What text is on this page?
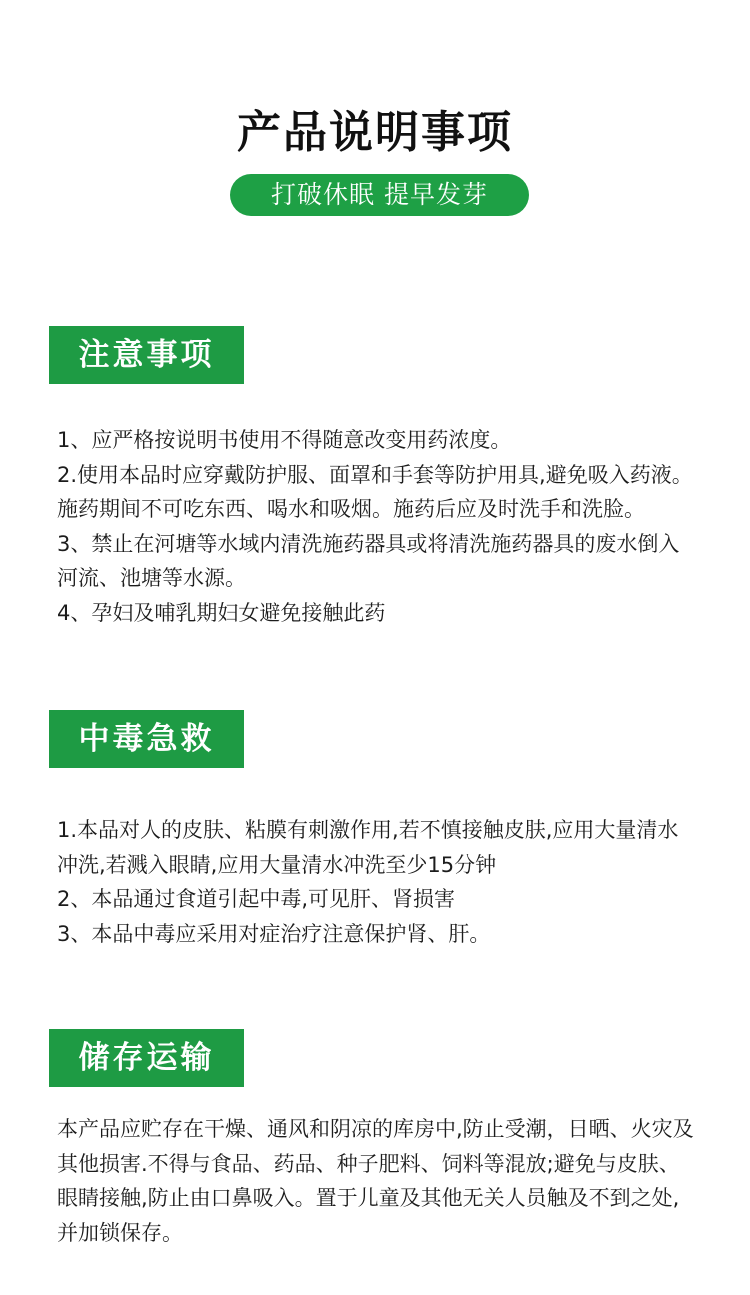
产品说明事项
打破休眠 提早发芽
注意事项

1、应严格按说明书使用不得随意改变用药浓度。

2.使用本品时应穿戴防护服、面罩和手套等防护用具,避免吸入药液。施药期间不可吃东西、喝水和吸烟。施药后应及时洗手和洗脸。

3、禁止在河塘等水域内清洗施药器具或将清洗施药器具的废水倒入河流、池塘等水源。

4、孕妇及哺乳期妇女避免接触此药

中毒急救

1.本品对人的皮肤、粘膜有刺激作用,若不慎接触皮肤,应用大量清水冲洗,若溅入眼睛,应用大量清水冲洗至少15分钟

2、本品通过食道引起中毒,可见肝、肾损害

3、本品中毒应采用对症治疗注意保护肾、肝。

储存运输

本产品应贮存在干燥、通风和阴凉的库房中,防止受潮，日晒、火灾及其他损害.不得与食品、药品、种子肥料、饲料等混放;避免与皮肤、眼睛接触,防止由口鼻吸入。置于儿童及其他无关人员触及不到之处,并加锁保存。
